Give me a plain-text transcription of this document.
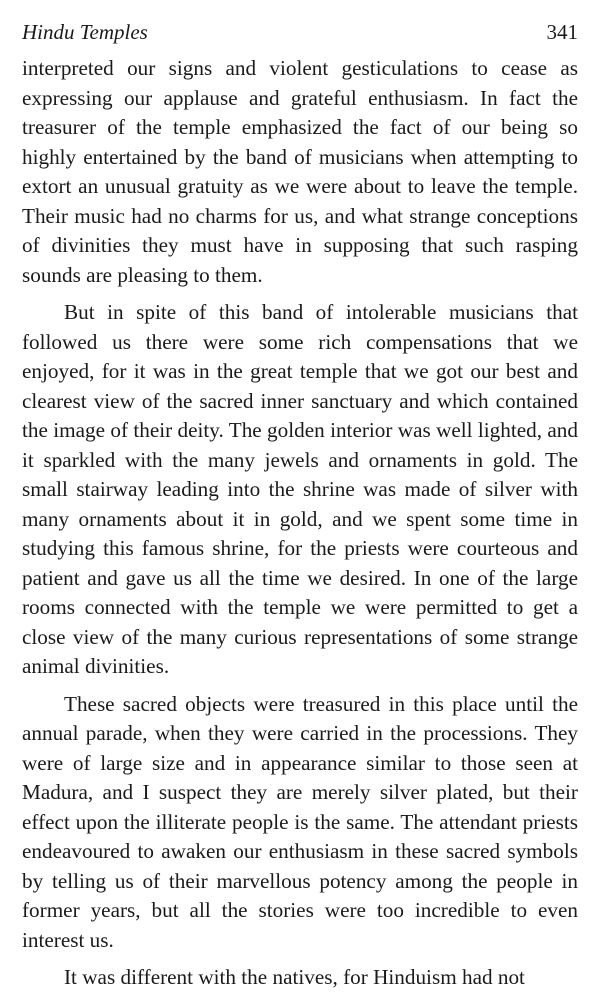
Hindu Temples	341

interpreted our signs and violent gesticulations to cease as expressing our applause and grateful enthusiasm. In fact the treasurer of the temple emphasized the fact of our being so highly entertained by the band of musicians when attempting to extort an unusual gratuity as we were about to leave the temple. Their music had no charms for us, and what strange conceptions of divinities they must have in supposing that such rasping sounds are pleasing to them.

But in spite of this band of intolerable musicians that followed us there were some rich compensations that we enjoyed, for it was in the great temple that we got our best and clearest view of the sacred inner sanctuary and which contained the image of their deity. The golden interior was well lighted, and it sparkled with the many jewels and ornaments in gold. The small stairway leading into the shrine was made of silver with many ornaments about it in gold, and we spent some time in studying this famous shrine, for the priests were courteous and patient and gave us all the time we desired. In one of the large rooms connected with the temple we were permitted to get a close view of the many curious representations of some strange animal divinities.

These sacred objects were treasured in this place until the annual parade, when they were carried in the processions. They were of large size and in appearance similar to those seen at Madura, and I suspect they are merely silver plated, but their effect upon the illiterate people is the same. The attendant priests endeavoured to awaken our enthusiasm in these sacred symbols by telling us of their marvellous potency among the people in former years, but all the stories were too incredible to even interest us.

It was different with the natives, for Hinduism had not
